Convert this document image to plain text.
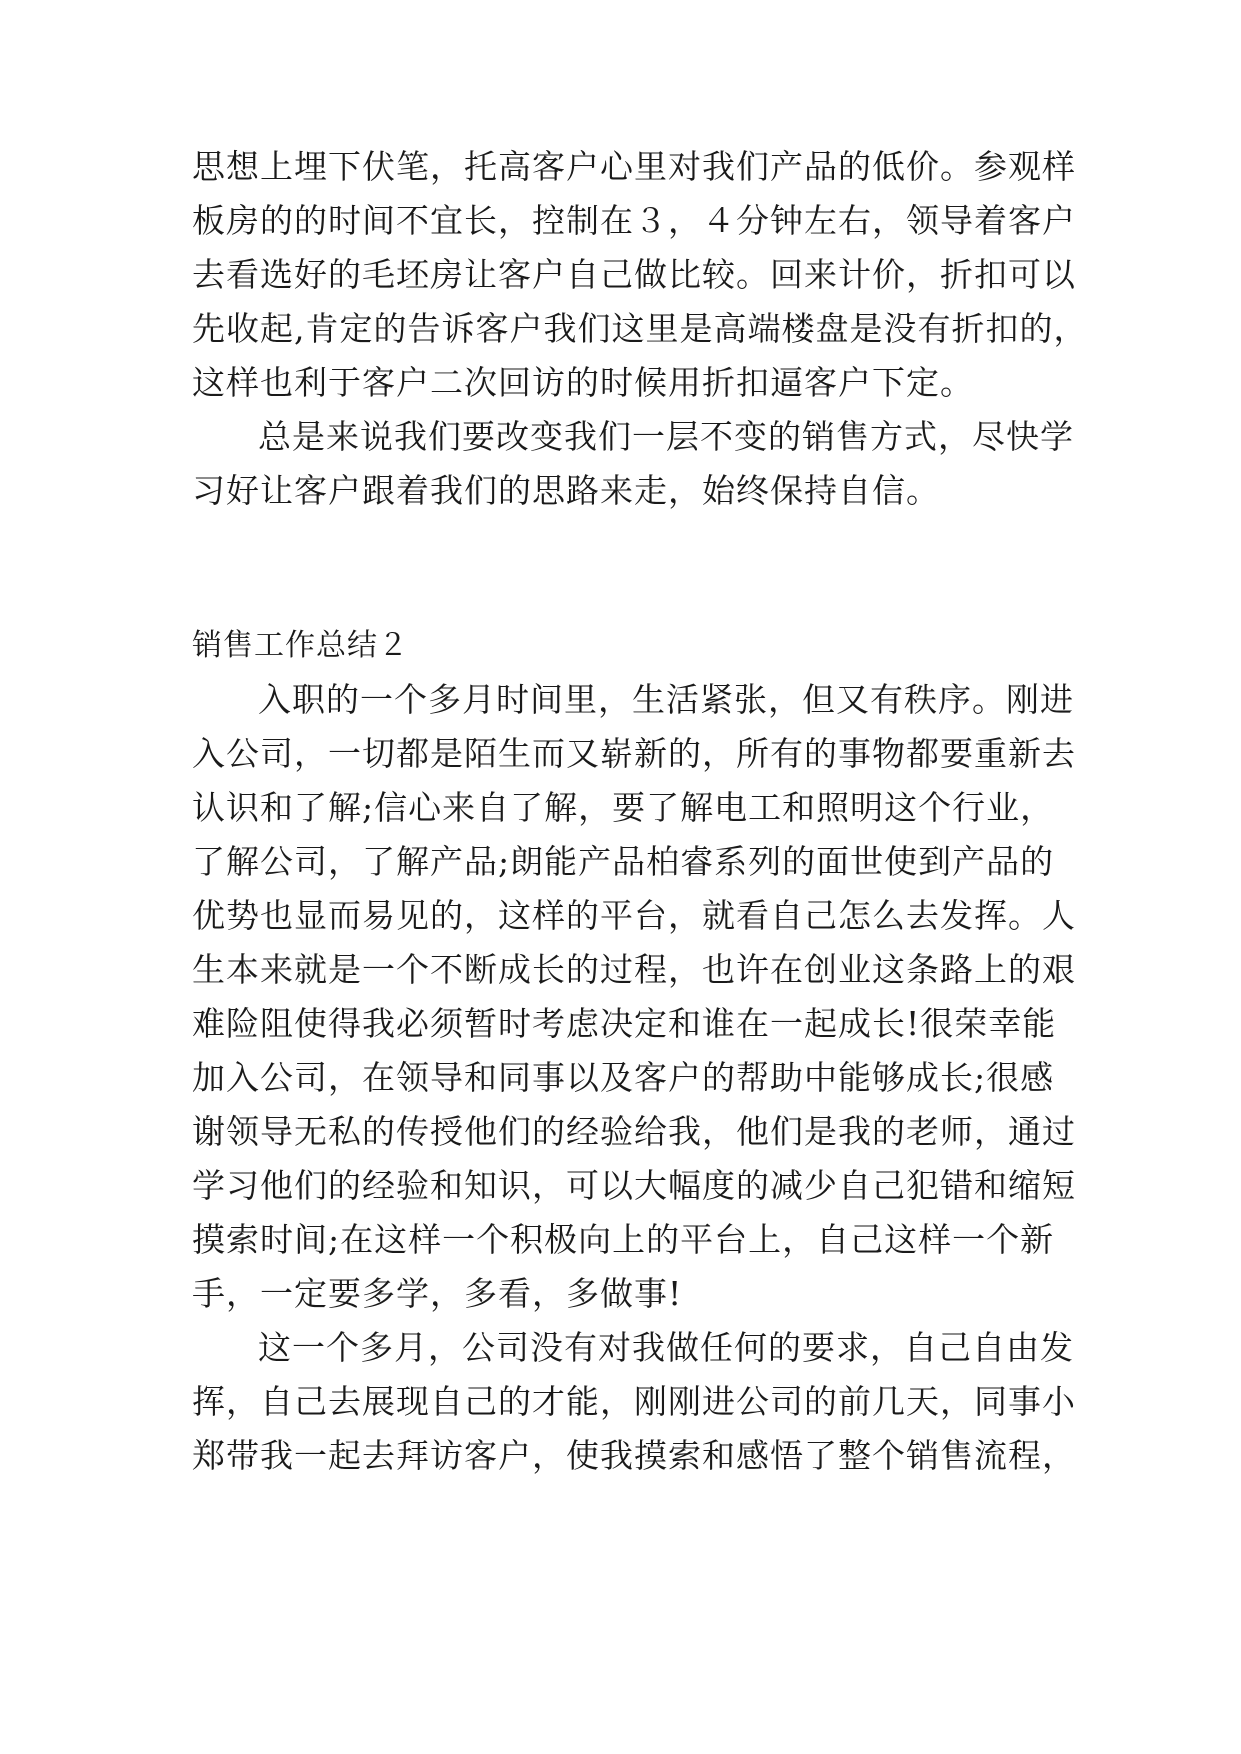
思想上埋下伏笔，托高客户心里对我们产品的低价。参观样
板房的的时间不宜长，控制在３，４分钟左右，领导着客户
去看选好的毛坯房让客户自己做比较。回来计价，折扣可以
先收起,肯定的告诉客户我们这里是高端楼盘是没有折扣的，
这样也利于客户二次回访的时候用折扣逼客户下定。
总是来说我们要改变我们一层不变的销售方式，尽快学
习好让客户跟着我们的思路来走，始终保持自信。
销售工作总结２
入职的一个多月时间里，生活紧张，但又有秩序。刚进
入公司，一切都是陌生而又崭新的，所有的事物都要重新去
认识和了解;信心来自了解，要了解电工和照明这个行业，
了解公司，了解产品;朗能产品柏睿系列的面世使到产品的
优势也显而易见的，这样的平台，就看自己怎么去发挥。人
生本来就是一个不断成长的过程，也许在创业这条路上的艰
难险阻使得我必须暂时考虑决定和谁在一起成长!很荣幸能
加入公司，在领导和同事以及客户的帮助中能够成长;很感
谢领导无私的传授他们的经验给我，他们是我的老师，通过
学习他们的经验和知识，可以大幅度的减少自己犯错和缩短
摸索时间;在这样一个积极向上的平台上，自己这样一个新
手，一定要多学，多看，多做事!
这一个多月，公司没有对我做任何的要求，自己自由发
挥，自己去展现自己的才能，刚刚进公司的前几天，同事小
郑带我一起去拜访客户，使我摸索和感悟了整个销售流程，
